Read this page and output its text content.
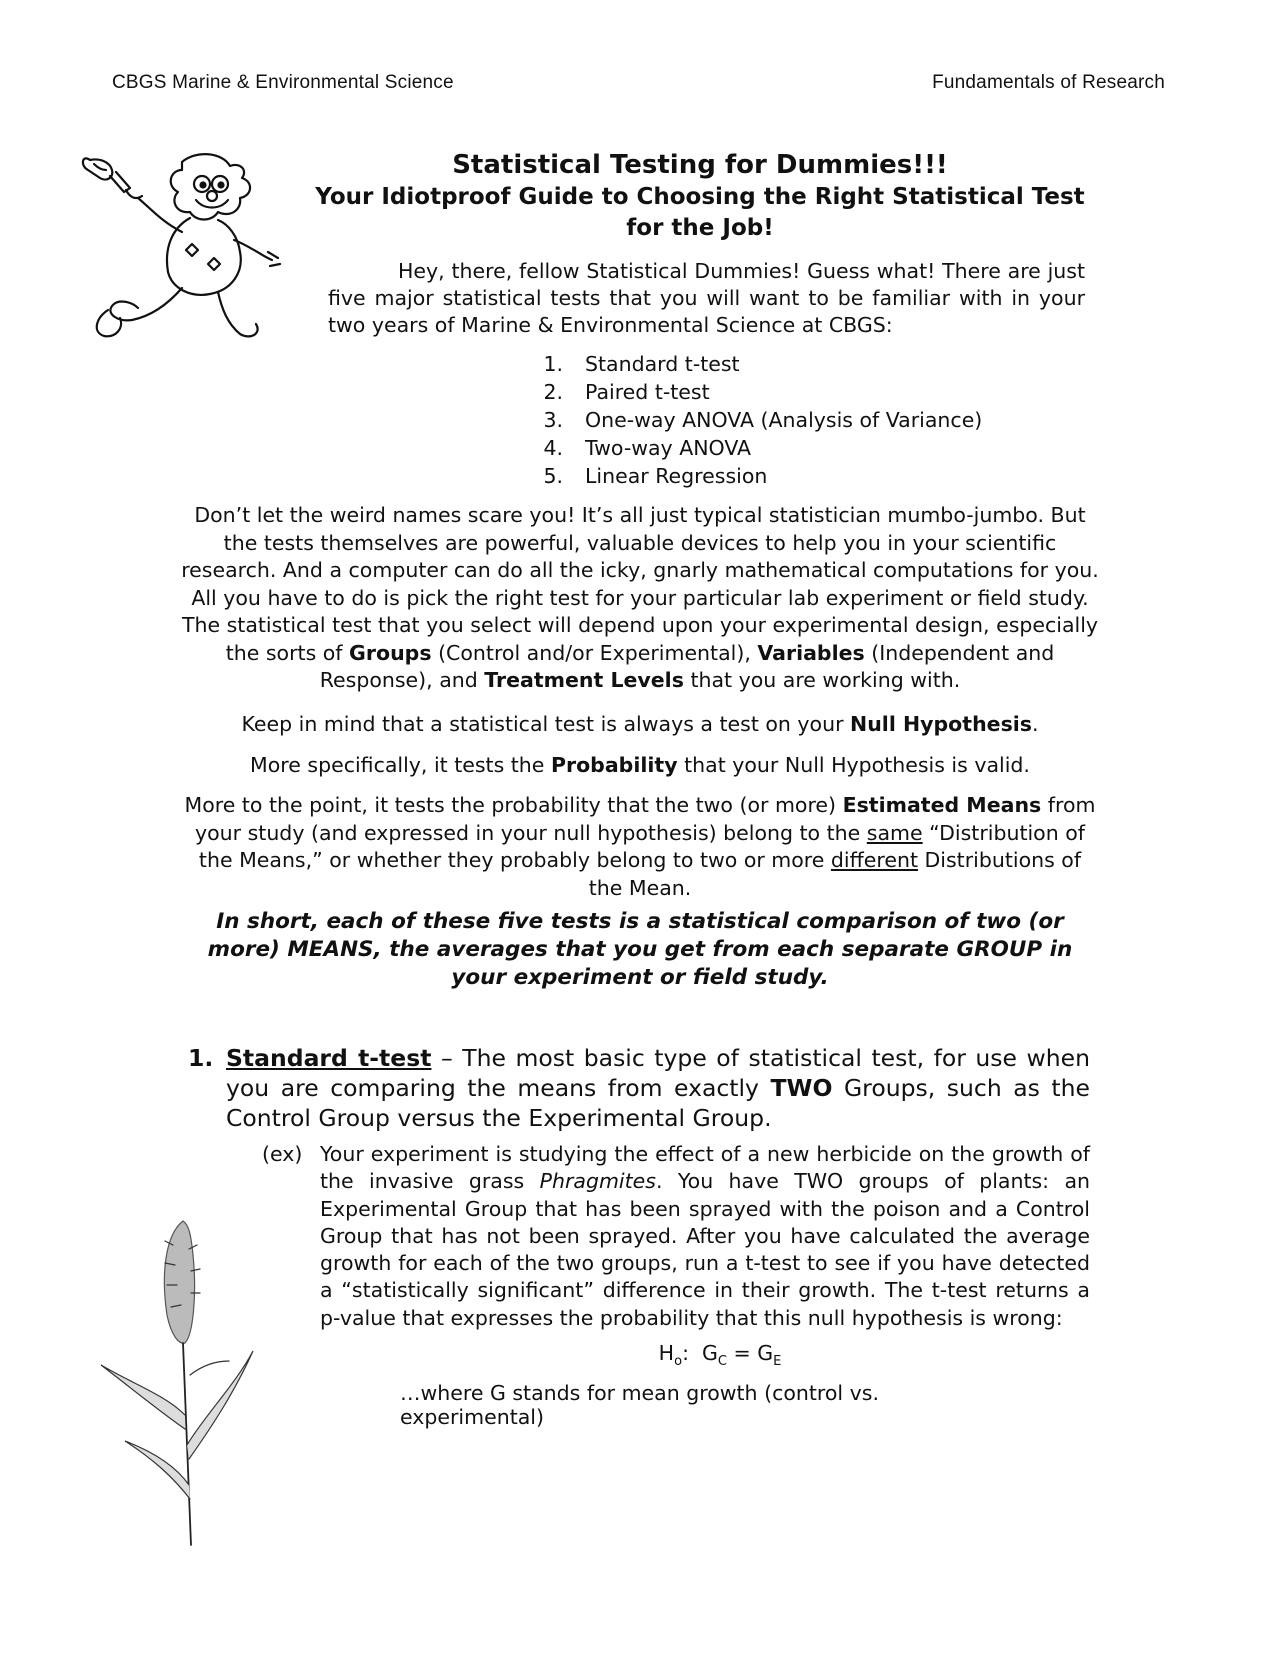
CBGS Marine & Environmental Science	Fundamentals of Research
Statistical Testing for Dummies!!!
Your Idiotproof Guide to Choosing the Right Statistical Test for the Job!

Hey, there, fellow Statistical Dummies! Guess what! There are just five major statistical tests that you will want to be familiar with in your two years of Marine & Environmental Science at CBGS:

1.	Standard t-test
2.	Paired t-test
3.	One-way ANOVA (Analysis of Variance)
4.	Two-way ANOVA
5.	Linear Regression

Don’t let the weird names scare you! It’s all just typical statistician mumbo-jumbo. But the tests themselves are powerful, valuable devices to help you in your scientific research. And a computer can do all the icky, gnarly mathematical computations for you. All you have to do is pick the right test for your particular lab experiment or field study. The statistical test that you select will depend upon your experimental design, especially the sorts of Groups (Control and/or Experimental), Variables (Independent and Response), and Treatment Levels that you are working with.

Keep in mind that a statistical test is always a test on your Null Hypothesis.

More specifically, it tests the Probability that your Null Hypothesis is valid.

More to the point, it tests the probability that the two (or more) Estimated Means from your study (and expressed in your null hypothesis) belong to the same “Distribution of the Means,” or whether they probably belong to two or more different Distributions of the Mean.

In short, each of these five tests is a statistical comparison of two (or more) MEANS, the averages that you get from each separate GROUP in your experiment or field study.

1. Standard t-test – The most basic type of statistical test, for use when you are comparing the means from exactly TWO Groups, such as the Control Group versus the Experimental Group.
(ex) Your experiment is studying the effect of a new herbicide on the growth of the invasive grass Phragmites. You have TWO groups of plants: an Experimental Group that has been sprayed with the poison and a Control Group that has not been sprayed. After you have calculated the average growth for each of the two groups, run a t-test to see if you have detected a “statistically significant” difference in their growth. The t-test returns a p-value that expresses the probability that this null hypothesis is wrong:
$H_o$:  $G_C = G_E$
…where G stands for mean growth (control vs. experimental)
